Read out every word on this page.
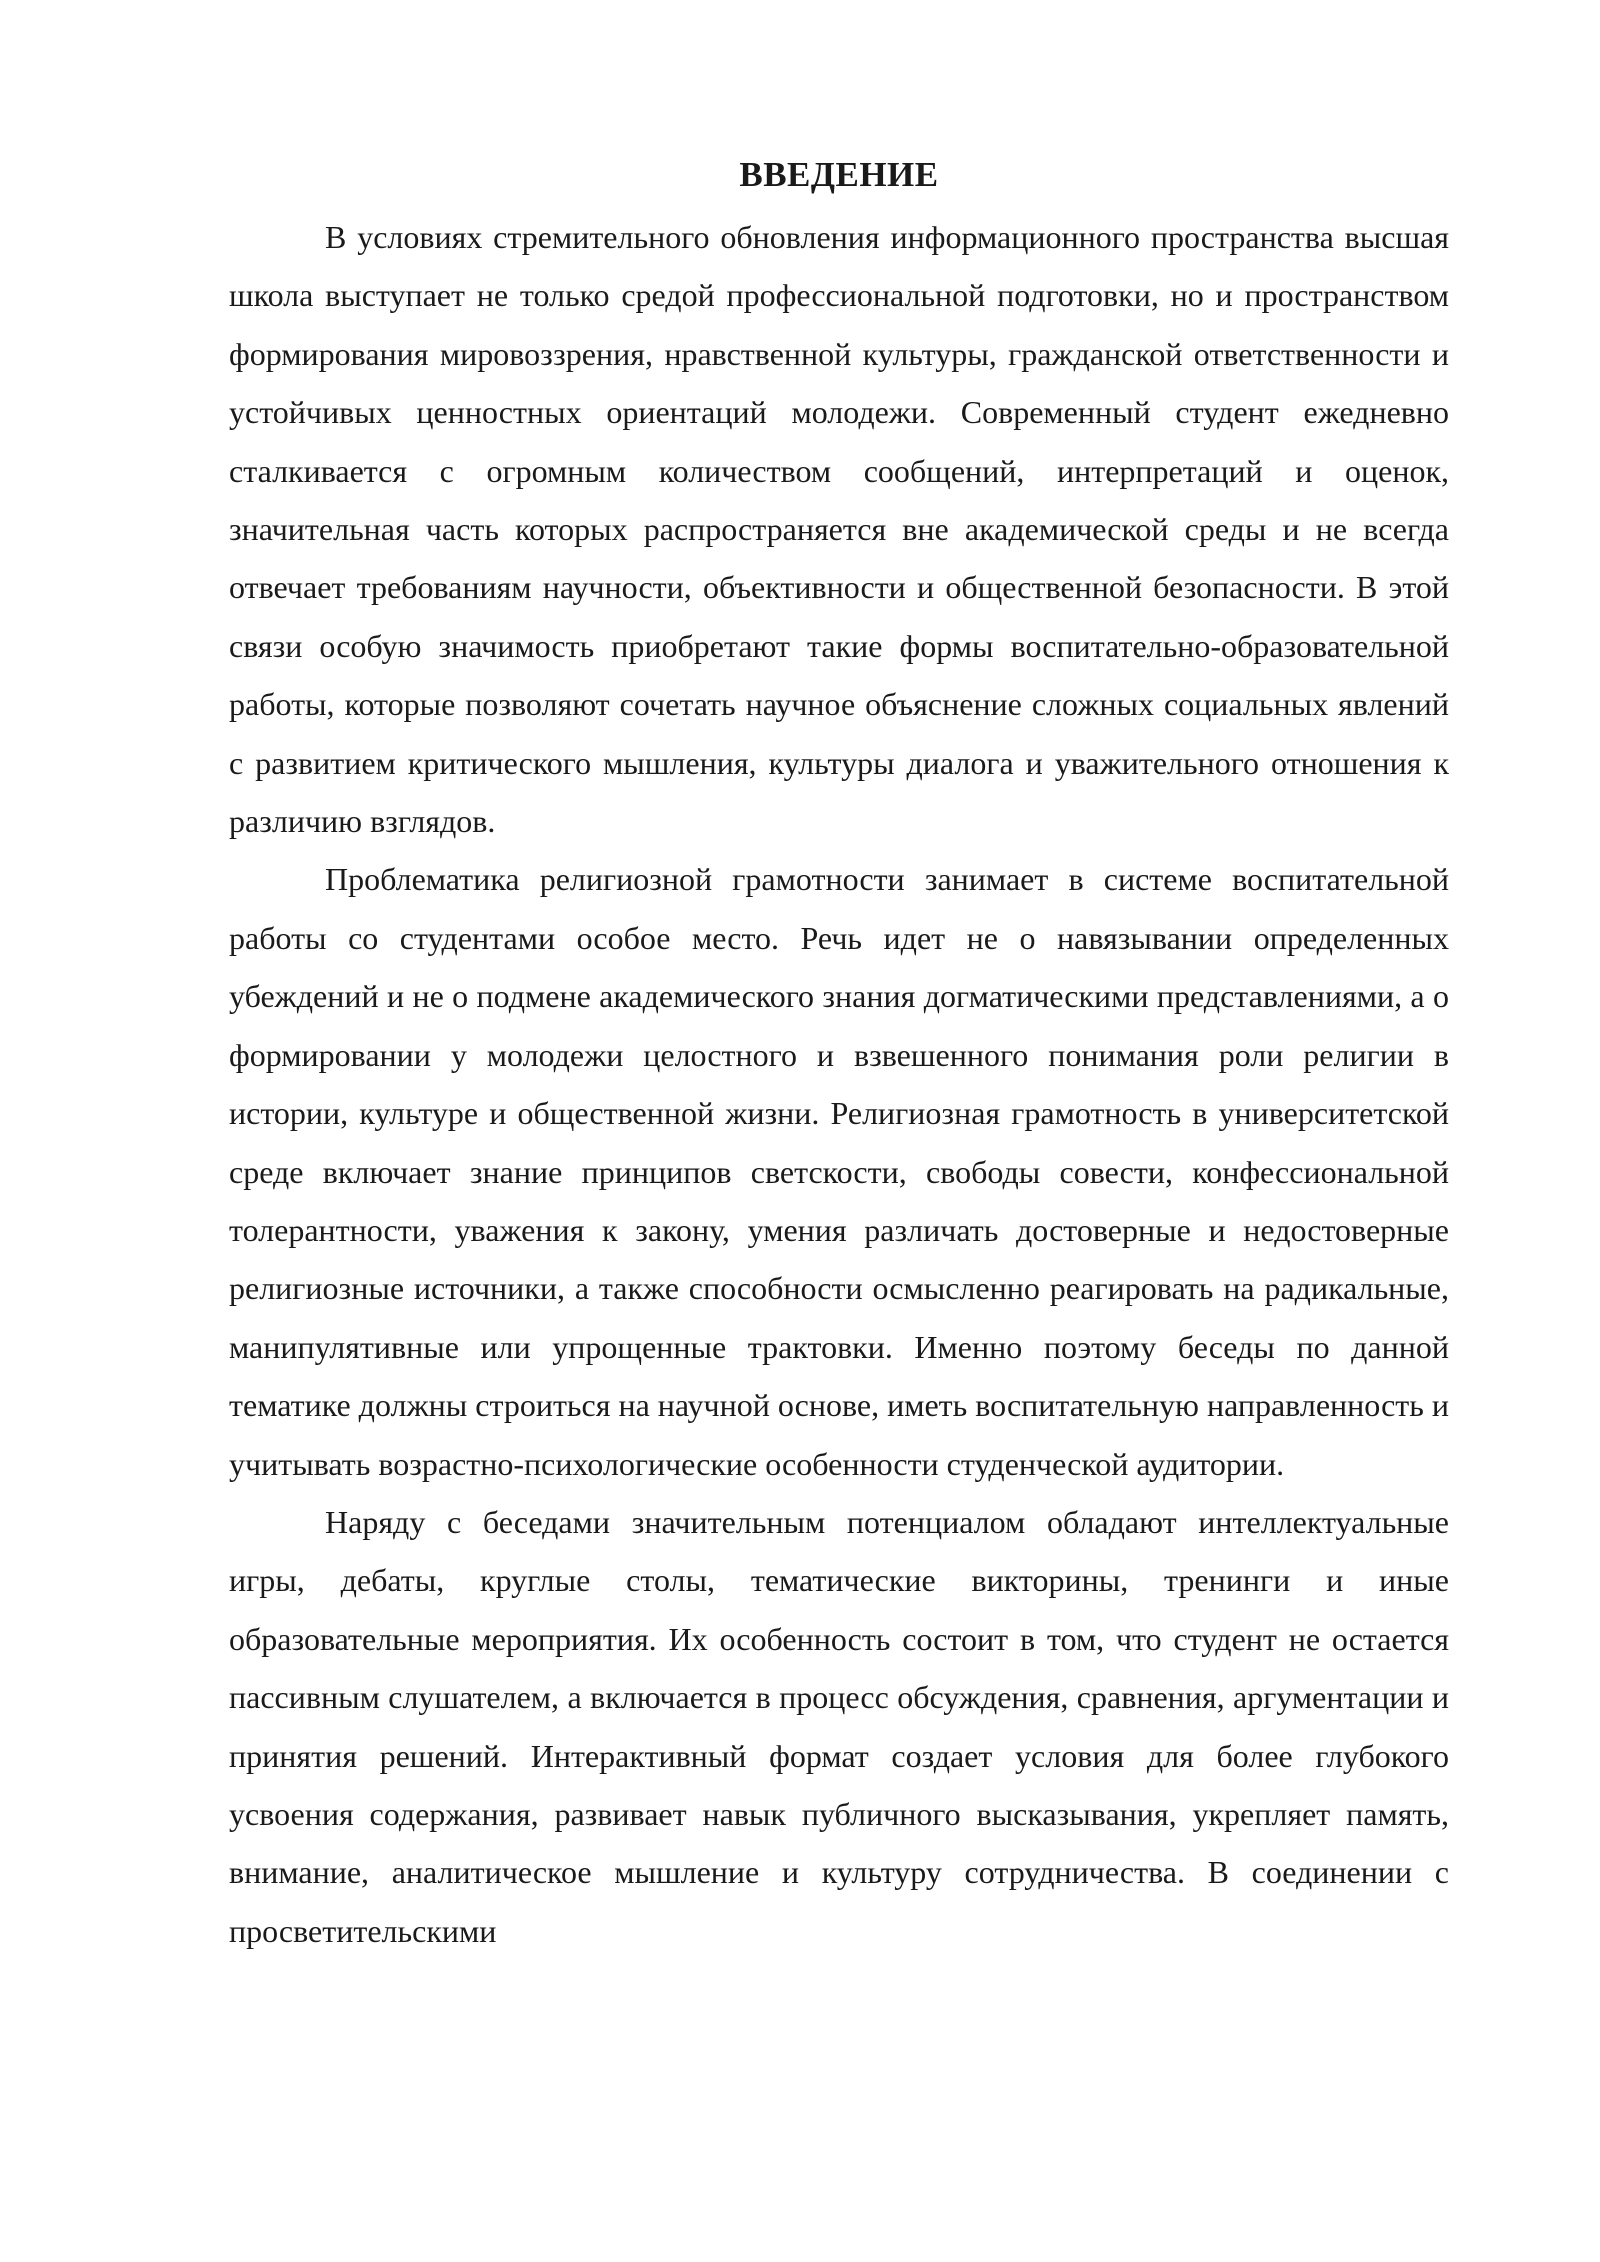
ВВЕДЕНИЕ

В условиях стремительного обновления информационного пространства высшая школа выступает не только средой профессиональной подготовки, но и пространством формирования мировоззрения, нравственной культуры, гражданской ответственности и устойчивых ценностных ориентаций молодежи. Современный студент ежедневно сталкивается с огромным количеством сообщений, интерпретаций и оценок, значительная часть которых распространяется вне академической среды и не всегда отвечает требованиям научности, объективности и общественной безопасности. В этой связи особую значимость приобретают такие формы воспитательно-образовательной работы, которые позволяют сочетать научное объяснение сложных социальных явлений с развитием критического мышления, культуры диалога и уважительного отношения к различию взглядов.

Проблематика религиозной грамотности занимает в системе воспитательной работы со студентами особое место. Речь идет не о навязывании определенных убеждений и не о подмене академического знания догматическими представлениями, а о формировании у молодежи целостного и взвешенного понимания роли религии в истории, культуре и общественной жизни. Религиозная грамотность в университетской среде включает знание принципов светскости, свободы совести, конфессиональной толерантности, уважения к закону, умения различать достоверные и недостоверные религиозные источники, а также способности осмысленно реагировать на радикальные, манипулятивные или упрощенные трактовки. Именно поэтому беседы по данной тематике должны строиться на научной основе, иметь воспитательную направленность и учитывать возрастно-психологические особенности студенческой аудитории.

Наряду с беседами значительным потенциалом обладают интеллектуальные игры, дебаты, круглые столы, тематические викторины, тренинги и иные образовательные мероприятия. Их особенность состоит в том, что студент не остается пассивным слушателем, а включается в процесс обсуждения, сравнения, аргументации и принятия решений. Интерактивный формат создает условия для более глубокого усвоения содержания, развивает навык публичного высказывания, укрепляет память, внимание, аналитическое мышление и культуру сотрудничества. В соединении с просветительскими
